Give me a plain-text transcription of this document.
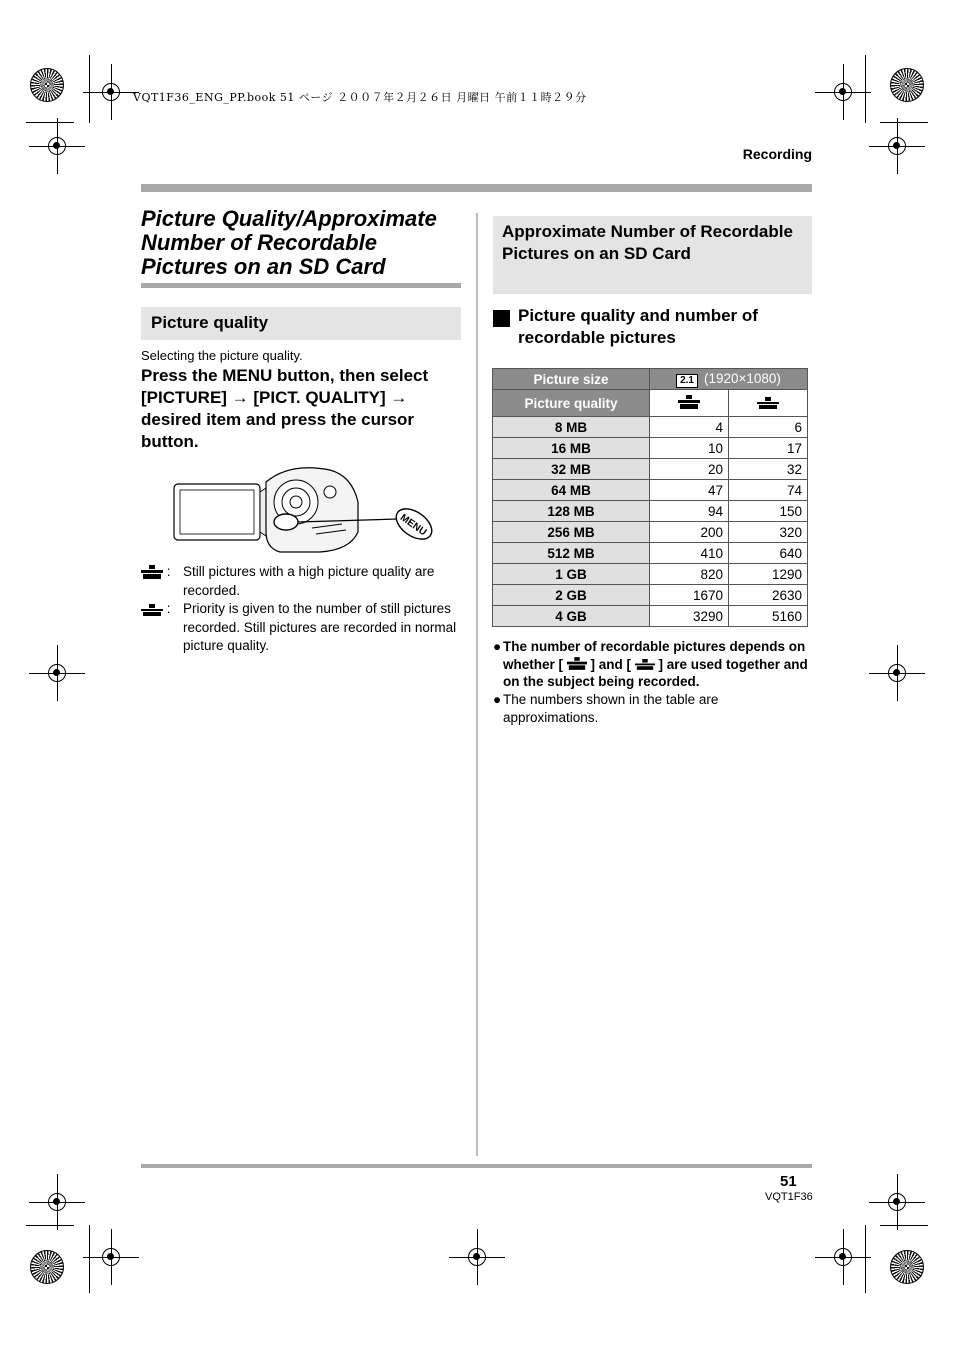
VQT1F36_ENG_PP.book 51 ページ ２００７年２月２６日 月曜日 午前１１時２９分
Recording
Picture Quality/Approximate Number of Recordable Pictures on an SD Card
Picture quality
Selecting the picture quality.
Press the MENU button, then select [PICTURE] → [PICT. QUALITY] → desired item and press the cursor button.
MENU
: Still pictures with a high picture quality are recorded.
: Priority is given to the number of still pictures recorded. Still pictures are recorded in normal picture quality.
Approximate Number of Recordable Pictures on an SD Card
Picture quality and number of recordable pictures
Picture size	2.1 (1920×1080)	
Picture quality		
8 MB	4	6
16 MB	10	17
32 MB	20	32
64 MB	47	74
128 MB	94	150
256 MB	200	320
512 MB	410	640
1 GB	820	1290
2 GB	1670	2630
4 GB	3290	5160
● The number of recordable pictures depends on whether [  ] and [  ] are used together and on the subject being recorded.
● The numbers shown in the table are approximations.
51
VQT1F36
